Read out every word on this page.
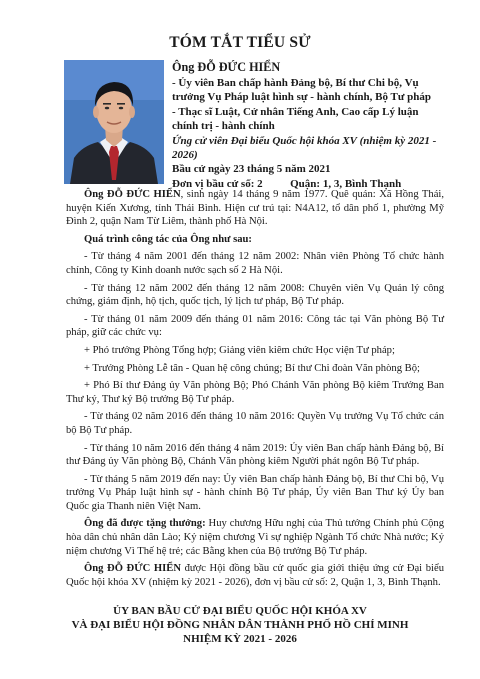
TÓM TẮT TIỂU SỬ
Ông ĐỖ ĐỨC HIỂN
- Ủy viên Ban chấp hành Đảng bộ, Bí thư Chi bộ, Vụ trưởng Vụ Pháp luật hình sự - hành chính, Bộ Tư pháp
- Thạc sĩ Luật, Cử nhân Tiếng Anh, Cao cấp Lý luận chính trị - hành chính
Ứng cử viên Đại biểu Quốc hội khóa XV (nhiệm kỳ 2021 - 2026)
Bầu cử ngày 23 tháng 5 năm 2021
Đơn vị bầu cử số: 2	Quận: 1, 3, Bình Thạnh

Ông ĐỖ ĐỨC HIỂN, sinh ngày 14 tháng 9 năm 1977. Quê quán: Xã Hồng Thái, huyện Kiến Xương, tỉnh Thái Bình. Hiện cư trú tại: N4A12, tổ dân phố 1, phường Mỹ Đình 2, quận Nam Từ Liêm, thành phố Hà Nội.

Quá trình công tác của Ông như sau:

- Từ tháng 4 năm 2001 đến tháng 12 năm 2002: Nhân viên Phòng Tổ chức hành chính, Công ty Kinh doanh nước sạch số 2 Hà Nội.

- Từ tháng 12 năm 2002 đến tháng 12 năm 2008: Chuyên viên Vụ Quản lý công chứng, giám định, hộ tịch, quốc tịch, lý lịch tư pháp, Bộ Tư pháp.

- Từ tháng 01 năm 2009 đến tháng 01 năm 2016: Công tác tại Văn phòng Bộ Tư pháp, giữ các chức vụ:

+ Phó trưởng Phòng Tổng hợp; Giảng viên kiêm chức Học viện Tư pháp;

+ Trưởng Phòng Lễ tân - Quan hệ công chúng; Bí thư Chi đoàn Văn phòng Bộ;

+ Phó Bí thư Đảng ủy Văn phòng Bộ; Phó Chánh Văn phòng Bộ kiêm Trưởng Ban Thư ký, Thư ký Bộ trưởng Bộ Tư pháp.

- Từ tháng 02 năm 2016 đến tháng 10 năm 2016: Quyền Vụ trưởng Vụ Tổ chức cán bộ Bộ Tư pháp.

- Từ tháng 10 năm 2016 đến tháng 4 năm 2019: Ủy viên Ban chấp hành Đảng bộ, Bí thư Đảng ủy Văn phòng Bộ, Chánh Văn phòng kiêm Người phát ngôn Bộ Tư pháp.

- Từ tháng 5 năm 2019 đến nay: Ủy viên Ban chấp hành Đảng bộ, Bí thư Chi bộ, Vụ trưởng Vụ Pháp luật hình sự - hành chính Bộ Tư pháp, Ủy viên Ban Thư ký Ủy ban Quốc gia Thanh niên Việt Nam.

Ông đã được tặng thưởng: Huy chương Hữu nghị của Thủ tướng Chính phủ Cộng hòa dân chủ nhân dân Lào; Kỷ niệm chương Vì sự nghiệp Ngành Tổ chức Nhà nước; Kỷ niệm chương Vì Thế hệ trẻ; các Bằng khen của Bộ trưởng Bộ Tư pháp.

Ông ĐỖ ĐỨC HIỂN được Hội đồng bầu cử quốc gia giới thiệu ứng cử Đại biểu Quốc hội khóa XV (nhiệm kỳ 2021 - 2026), đơn vị bầu cử số: 2, Quận 1, 3, Bình Thạnh.

ỦY BAN BẦU CỬ ĐẠI BIỂU QUỐC HỘI KHÓA XV
VÀ ĐẠI BIỂU HỘI ĐỒNG NHÂN DÂN THÀNH PHỐ HỒ CHÍ MINH
NHIỆM KỲ 2021 - 2026
